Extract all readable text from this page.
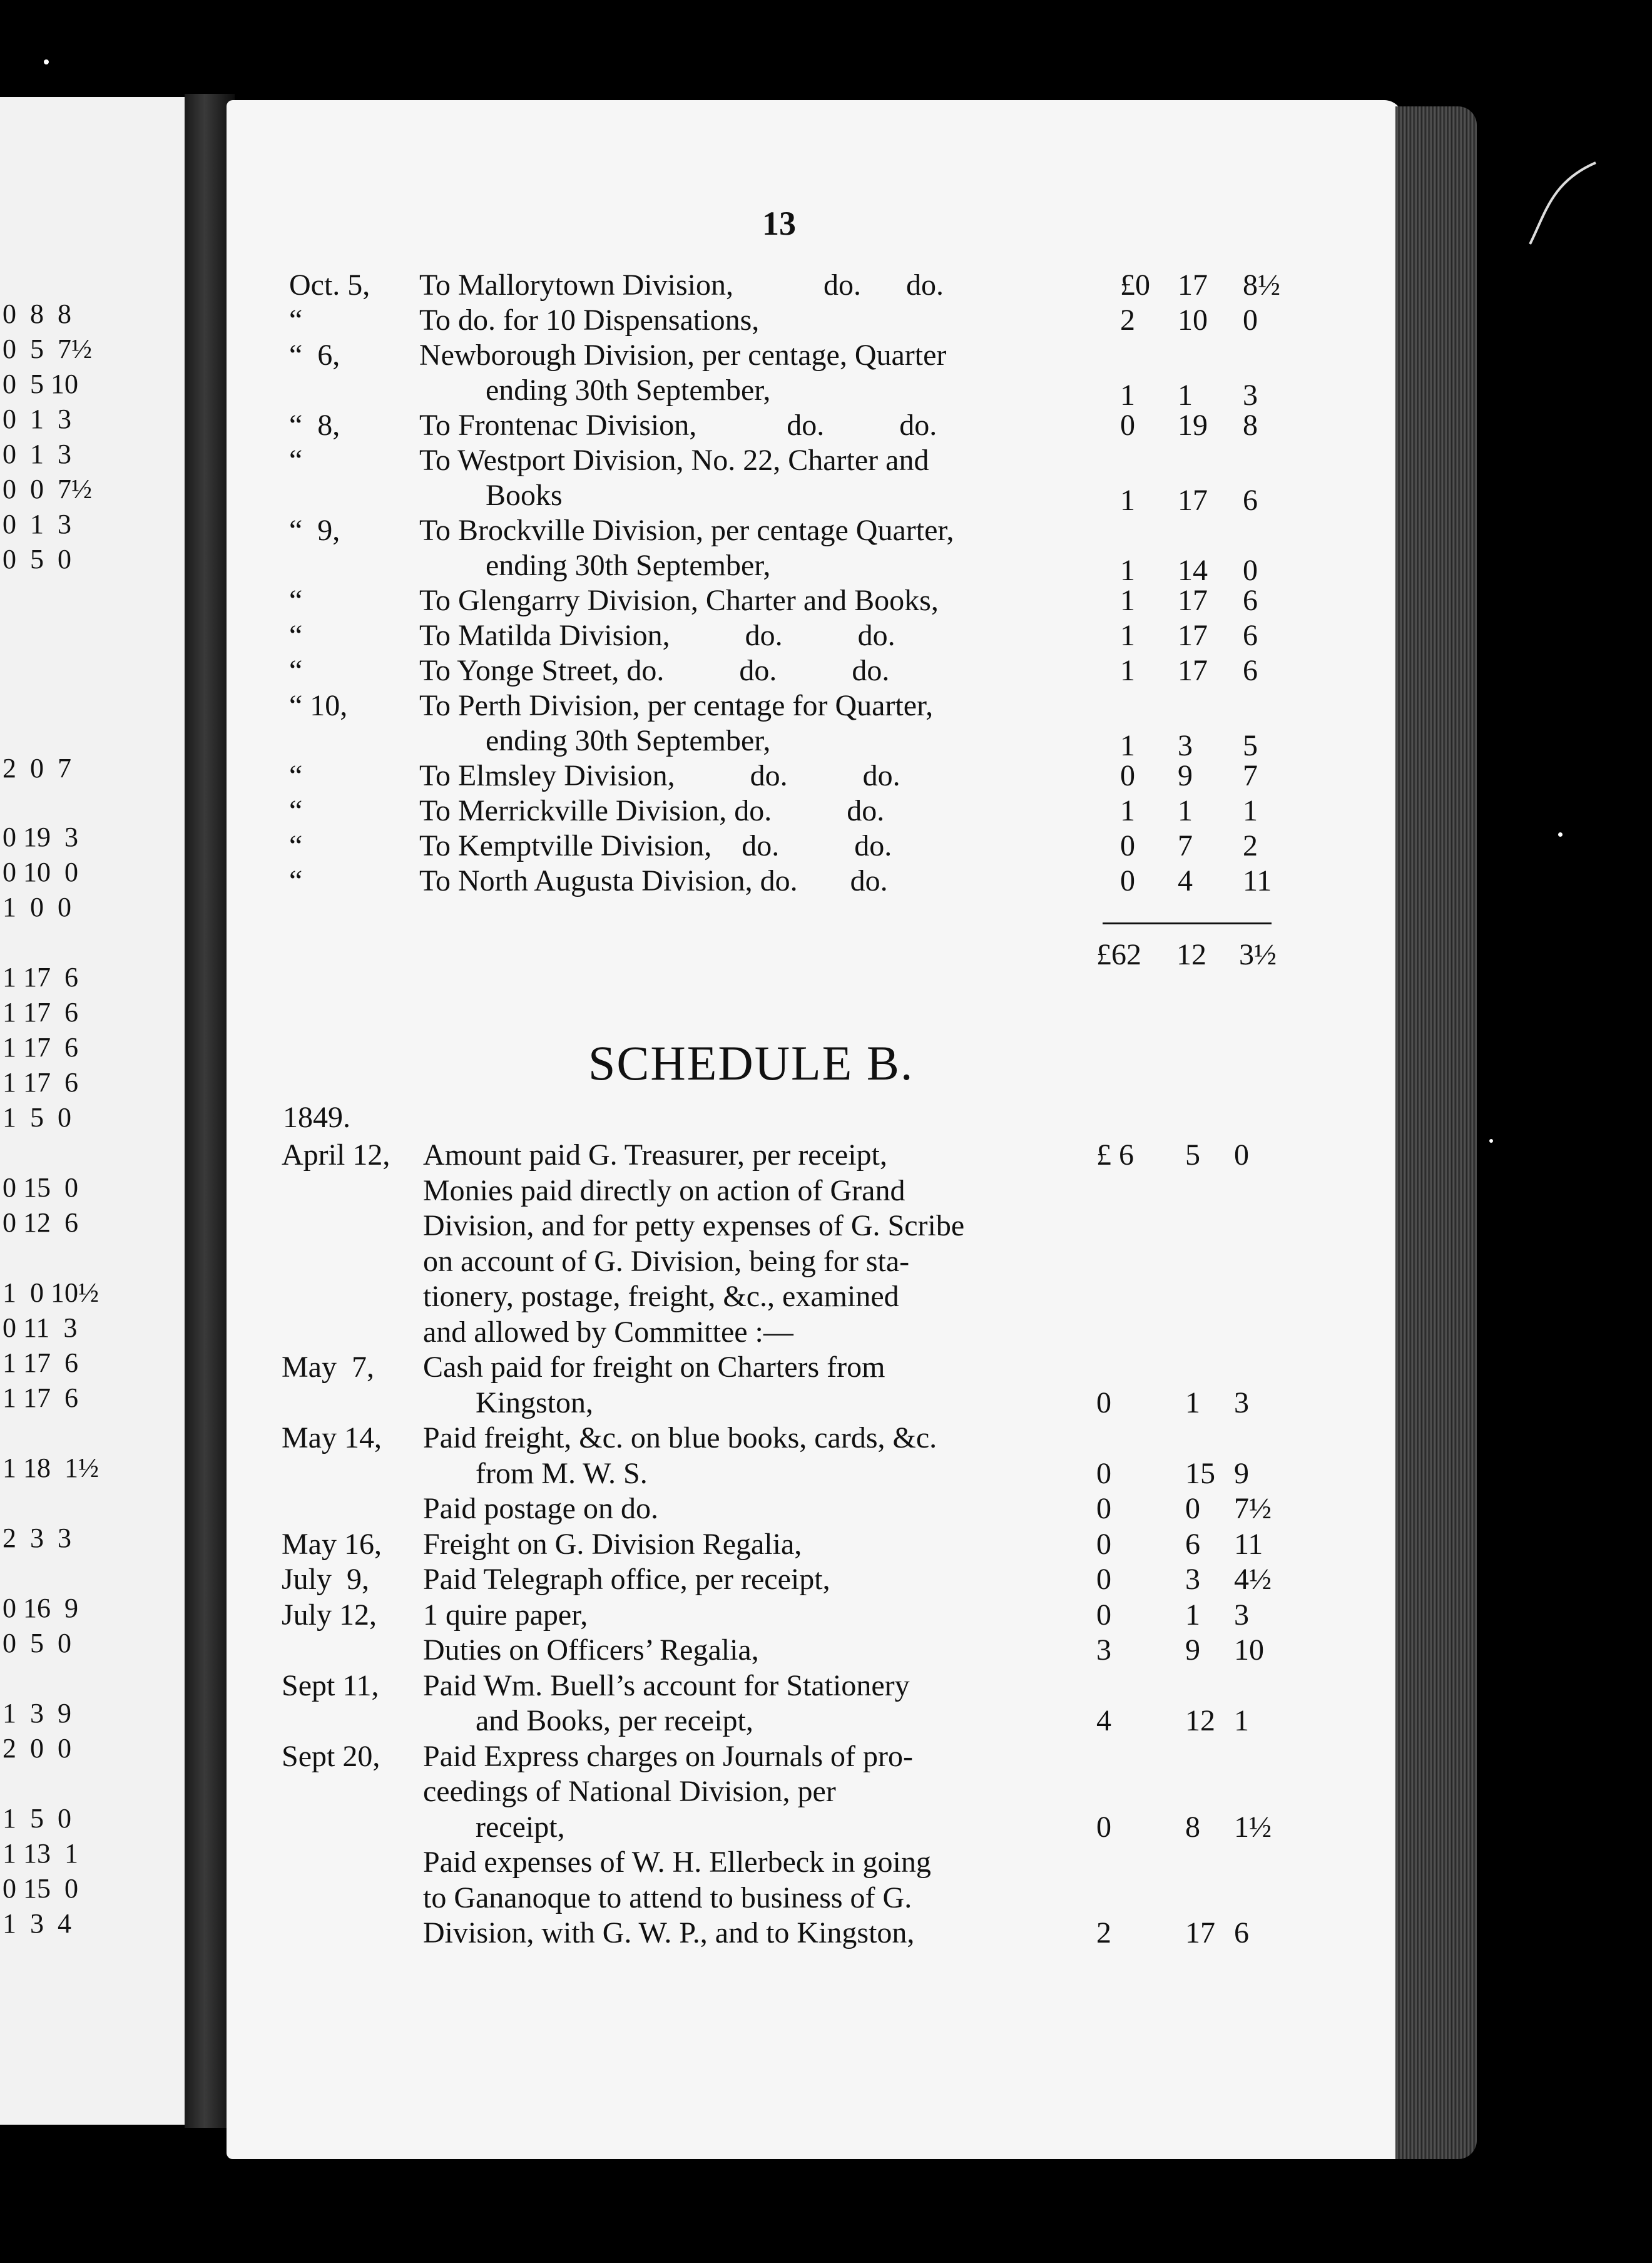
0  8  8
0  5  7½
0  5 10
0  1  3
0  1  3
0  0  7½
0  1  3
0  5  0
2  0  7
0 19  3
0 10  0
1  0  0
1 17  6
1 17  6
1 17  6
1 17  6
1  5  0
0 15  0
0 12  6
1  0 10½
0 11  3
1 17  6
1 17  6
1 18  1½
2  3  3
0 16  9
0  5  0
1  3  9
2  0  0
1  5  0
1 13  1
0 15  0
1  3  4
13
Oct. 5, To Mallorytown Division,            do.      do.	£0 17 8½
“	To do. for 10 Dispensations,	2 10 0
“  6,	Newborough Division, per centage, Quarter
ending 30th September,	1 1 3
“  8,	To Frontenac Division,            do.          do.	0 19 8
“	To Westport Division, No. 22, Charter and
Books	1 17 6
“  9,	To Brockville Division, per centage Quarter,
ending 30th September,	1 14 0
“	To Glengarry Division, Charter and Books,	1 17 6
“	To Matilda Division,          do.          do.	1 17 6
“	To Yonge Street, do.          do.          do.	1 17 6
“ 10, To Perth Division, per centage for Quarter,
ending 30th September,	1 3 5
“	To Elmsley Division,          do.          do.	0 9 7
“	To Merrickville Division, do.          do.	1 1 1
“	To Kemptville Division,    do.          do.	0 7 2
“	To North Augusta Division, do.       do.	0 4 11
£62 12 3½
SCHEDULE B.
1849.
April 12, Amount paid G. Treasurer, per receipt,	£ 6 5 0
Monies paid directly on action of Grand
Division, and for petty expenses of G. Scribe
on account of G. Division, being for sta-
tionery, postage, freight, &c., examined
and allowed by Committee :—
May  7, Cash paid for freight on Charters from
Kingston,	0 1 3
May 14, Paid freight, &c. on blue books, cards, &c.
from M. W. S.	0 15 9
Paid postage on do.	0 0 7½
May 16, Freight on G. Division Regalia,	0 6 11
July  9, Paid Telegraph office, per receipt,	0 3 4½
July 12, 1 quire paper,	0 1 3
Duties on Officers’ Regalia,	3 9 10
Sept 11, Paid Wm. Buell’s account for Stationery
and Books, per receipt,	4 12 1
Sept 20, Paid Express charges on Journals of pro-
ceedings of National Division, per
receipt,	0 8 1½
Paid expenses of W. H. Ellerbeck in going
to Gananoque to attend to business of G.
Division, with G. W. P., and to Kingston,	2 17 6
